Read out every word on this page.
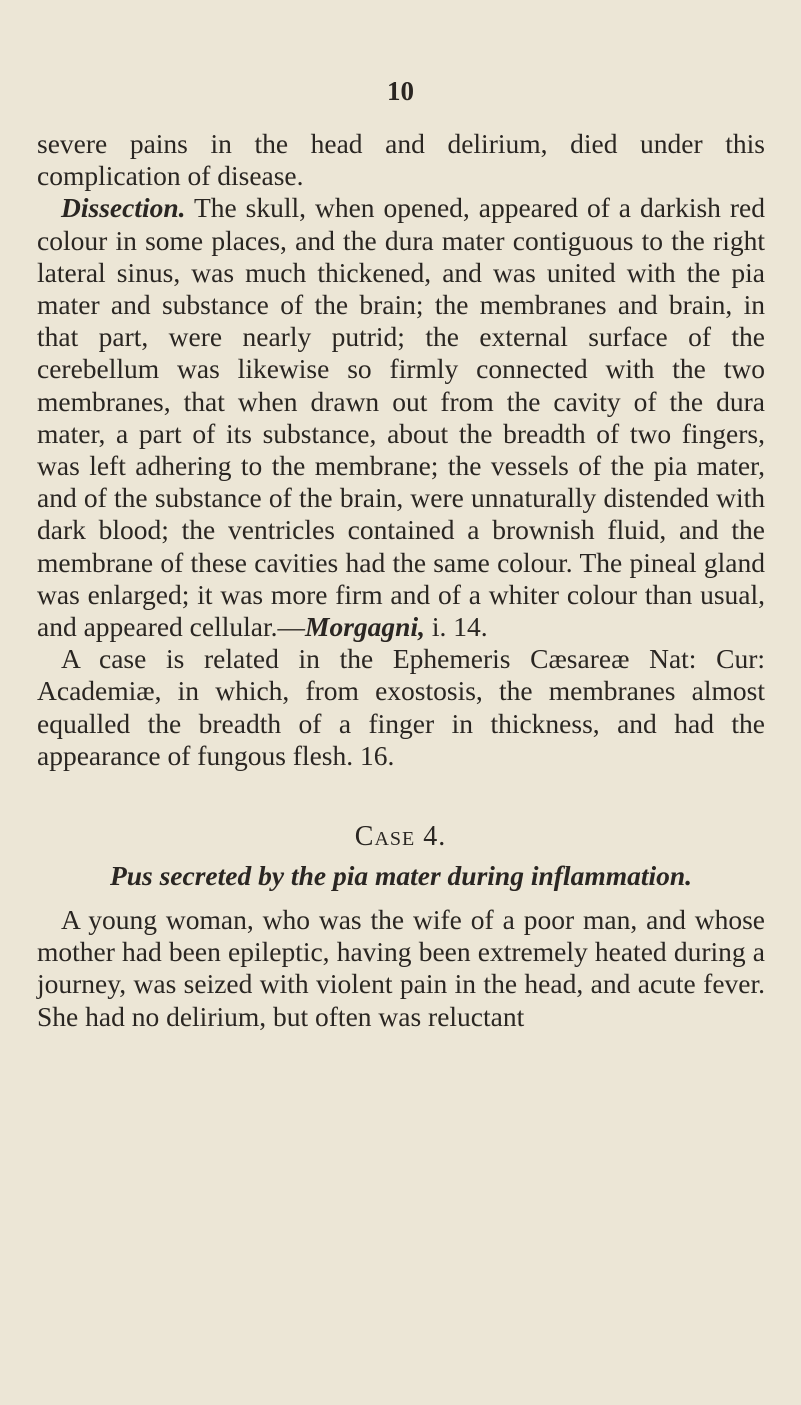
10

severe pains in the head and delirium, died under this complication of disease.

Dissection. The skull, when opened, appeared of a darkish red colour in some places, and the dura mater contiguous to the right lateral sinus, was much thickened, and was united with the pia mater and substance of the brain; the membranes and brain, in that part, were nearly putrid; the external surface of the cerebellum was likewise so firmly connected with the two membranes, that when drawn out from the cavity of the dura mater, a part of its substance, about the breadth of two fingers, was left adhering to the membrane; the vessels of the pia mater, and of the substance of the brain, were unnaturally distended with dark blood; the ventricles contained a brownish fluid, and the membrane of these cavities had the same colour. The pineal gland was enlarged; it was more firm and of a whiter colour than usual, and appeared cellular.—Morgagni, i. 14.

A case is related in the Ephemeris Cæsareæ Nat: Cur: Academiæ, in which, from exostosis, the membranes almost equalled the breadth of a finger in thickness, and had the appearance of fungous flesh. 16.

Case 4.
Pus secreted by the pia mater during inflammation.

A young woman, who was the wife of a poor man, and whose mother had been epileptic, having been extremely heated during a journey, was seized with violent pain in the head, and acute fever. She had no delirium, but often was reluctant
